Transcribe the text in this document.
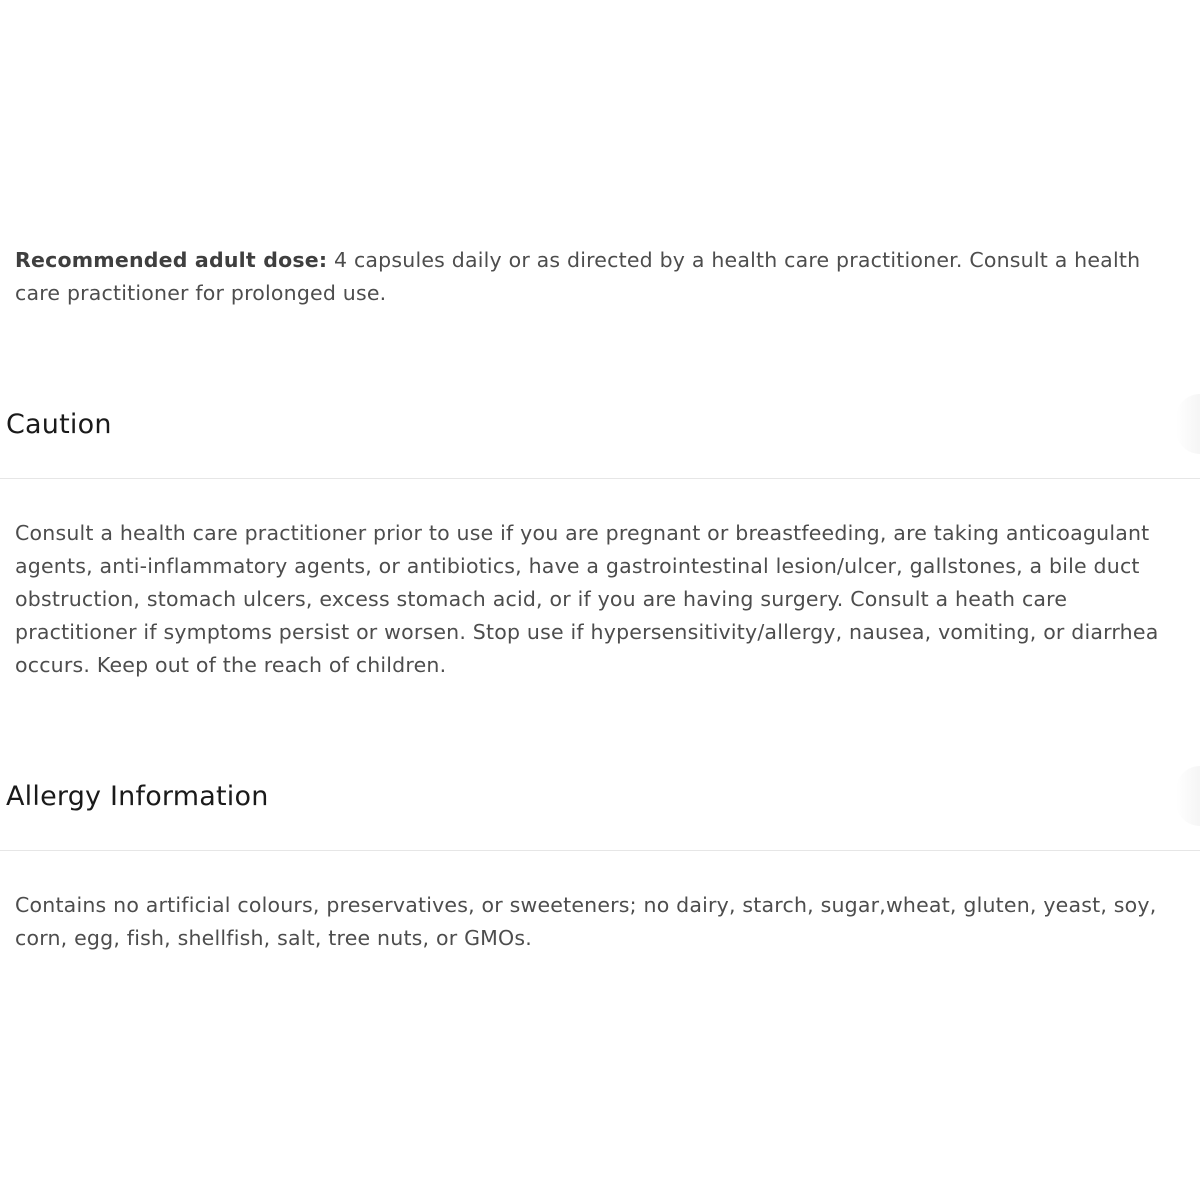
Recommended adult dose: 4 capsules daily or as directed by a health care practitioner. Consult a health care practitioner for prolonged use.

Caution

Consult a health care practitioner prior to use if you are pregnant or breastfeeding, are taking anticoagulant agents, anti-inflammatory agents, or antibiotics, have a gastrointestinal lesion/ulcer, gallstones, a bile duct obstruction, stomach ulcers, excess stomach acid, or if you are having surgery. Consult a heath care practitioner if symptoms persist or worsen. Stop use if hypersensitivity/allergy, nausea, vomiting, or diarrhea occurs. Keep out of the reach of children.

Allergy Information

Contains no artificial colours, preservatives, or sweeteners; no dairy, starch, sugar,wheat, gluten, yeast, soy, corn, egg, fish, shellfish, salt, tree nuts, or GMOs.
